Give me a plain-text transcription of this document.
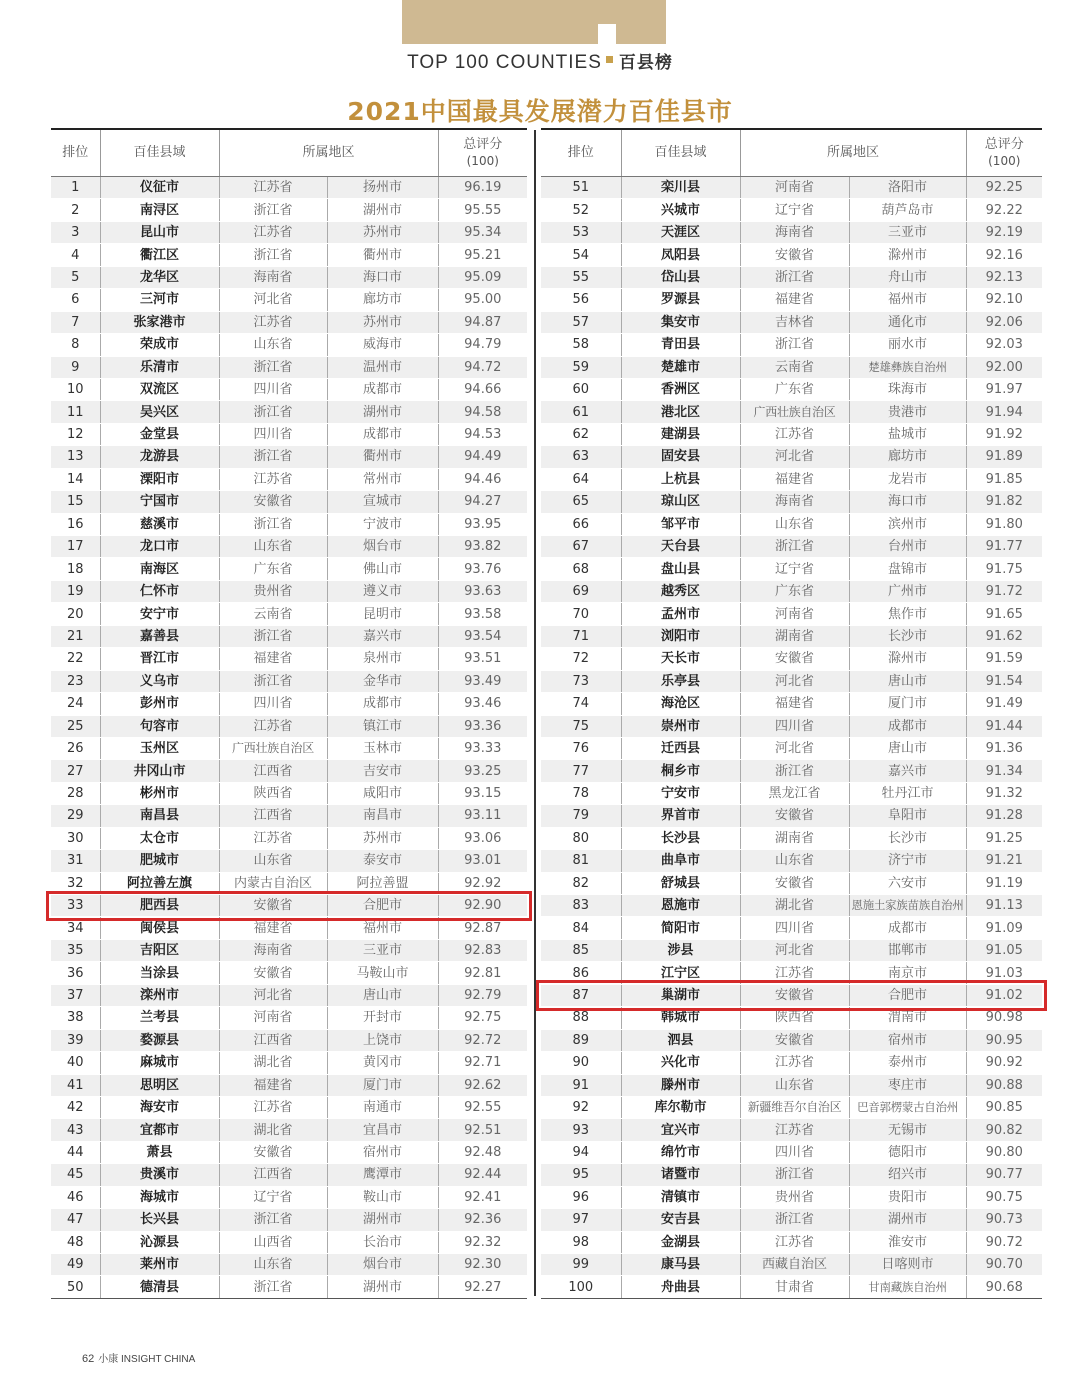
TOP 100 COUNTIES 百县榜
2021中国最具发展潜力百佳县市
排位	百佳县域	所属地区		总评分
(100)

1	仪征市	江苏省	扬州市	96.19
2	南浔区	浙江省	湖州市	95.55
3	昆山市	江苏省	苏州市	95.34
4	衢江区	浙江省	衢州市	95.21
5	龙华区	海南省	海口市	95.09
6	三河市	河北省	廊坊市	95.00
7	张家港市	江苏省	苏州市	94.87
8	荣成市	山东省	威海市	94.79
9	乐清市	浙江省	温州市	94.72
10	双流区	四川省	成都市	94.66
11	吴兴区	浙江省	湖州市	94.58
12	金堂县	四川省	成都市	94.53
13	龙游县	浙江省	衢州市	94.49
14	溧阳市	江苏省	常州市	94.46
15	宁国市	安徽省	宣城市	94.27
16	慈溪市	浙江省	宁波市	93.95
17	龙口市	山东省	烟台市	93.82
18	南海区	广东省	佛山市	93.76
19	仁怀市	贵州省	遵义市	93.63
20	安宁市	云南省	昆明市	93.58
21	嘉善县	浙江省	嘉兴市	93.54
22	晋江市	福建省	泉州市	93.51
23	义乌市	浙江省	金华市	93.49
24	彭州市	四川省	成都市	93.46
25	句容市	江苏省	镇江市	93.36
26	玉州区	广西壮族自治区	玉林市	93.33
27	井冈山市	江西省	吉安市	93.25
28	彬州市	陕西省	咸阳市	93.15
29	南昌县	江西省	南昌市	93.11
30	太仓市	江苏省	苏州市	93.06
31	肥城市	山东省	泰安市	93.01
32	阿拉善左旗	内蒙古自治区	阿拉善盟	92.92
33	肥西县	安徽省	合肥市	92.90
34	闽侯县	福建省	福州市	92.87
35	吉阳区	海南省	三亚市	92.83
36	当涂县	安徽省	马鞍山市	92.81
37	滦州市	河北省	唐山市	92.79
38	兰考县	河南省	开封市	92.75
39	婺源县	江西省	上饶市	92.72
40	麻城市	湖北省	黄冈市	92.71
41	思明区	福建省	厦门市	92.62
42	海安市	江苏省	南通市	92.55
43	宜都市	湖北省	宜昌市	92.51
44	萧县	安徽省	宿州市	92.48
45	贵溪市	江西省	鹰潭市	92.44
46	海城市	辽宁省	鞍山市	92.41
47	长兴县	浙江省	湖州市	92.36
48	沁源县	山西省	长治市	92.32
49	莱州市	山东省	烟台市	92.30
50	德清县	浙江省	湖州市	92.27
排位	百佳县域	所属地区		总评分
(100)

51	栾川县	河南省	洛阳市	92.25
52	兴城市	辽宁省	葫芦岛市	92.22
53	天涯区	海南省	三亚市	92.19
54	凤阳县	安徽省	滁州市	92.16
55	岱山县	浙江省	舟山市	92.13
56	罗源县	福建省	福州市	92.10
57	集安市	吉林省	通化市	92.06
58	青田县	浙江省	丽水市	92.03
59	楚雄市	云南省	楚雄彝族自治州	92.00
60	香洲区	广东省	珠海市	91.97
61	港北区	广西壮族自治区	贵港市	91.94
62	建湖县	江苏省	盐城市	91.92
63	固安县	河北省	廊坊市	91.89
64	上杭县	福建省	龙岩市	91.85
65	琼山区	海南省	海口市	91.82
66	邹平市	山东省	滨州市	91.80
67	天台县	浙江省	台州市	91.77
68	盘山县	辽宁省	盘锦市	91.75
69	越秀区	广东省	广州市	91.72
70	孟州市	河南省	焦作市	91.65
71	浏阳市	湖南省	长沙市	91.62
72	天长市	安徽省	滁州市	91.59
73	乐亭县	河北省	唐山市	91.54
74	海沧区	福建省	厦门市	91.49
75	崇州市	四川省	成都市	91.44
76	迁西县	河北省	唐山市	91.36
77	桐乡市	浙江省	嘉兴市	91.34
78	宁安市	黑龙江省	牡丹江市	91.32
79	界首市	安徽省	阜阳市	91.28
80	长沙县	湖南省	长沙市	91.25
81	曲阜市	山东省	济宁市	91.21
82	舒城县	安徽省	六安市	91.19
83	恩施市	湖北省	恩施土家族苗族自治州	91.13
84	简阳市	四川省	成都市	91.09
85	涉县	河北省	邯郸市	91.05
86	江宁区	江苏省	南京市	91.03
87	巢湖市	安徽省	合肥市	91.02
88	韩城市	陕西省	渭南市	90.98
89	泗县	安徽省	宿州市	90.95
90	兴化市	江苏省	泰州市	90.92
91	滕州市	山东省	枣庄市	90.88
92	库尔勒市	新疆维吾尔自治区	巴音郭楞蒙古自治州	90.85
93	宜兴市	江苏省	无锡市	90.82
94	绵竹市	四川省	德阳市	90.80
95	诸暨市	浙江省	绍兴市	90.77
96	清镇市	贵州省	贵阳市	90.75
97	安吉县	浙江省	湖州市	90.73
98	金湖县	江苏省	淮安市	90.72
99	康马县	西藏自治区	日喀则市	90.70
100	舟曲县	甘肃省	甘南藏族自治州	90.68
62 小康 INSIGHT CHINA
